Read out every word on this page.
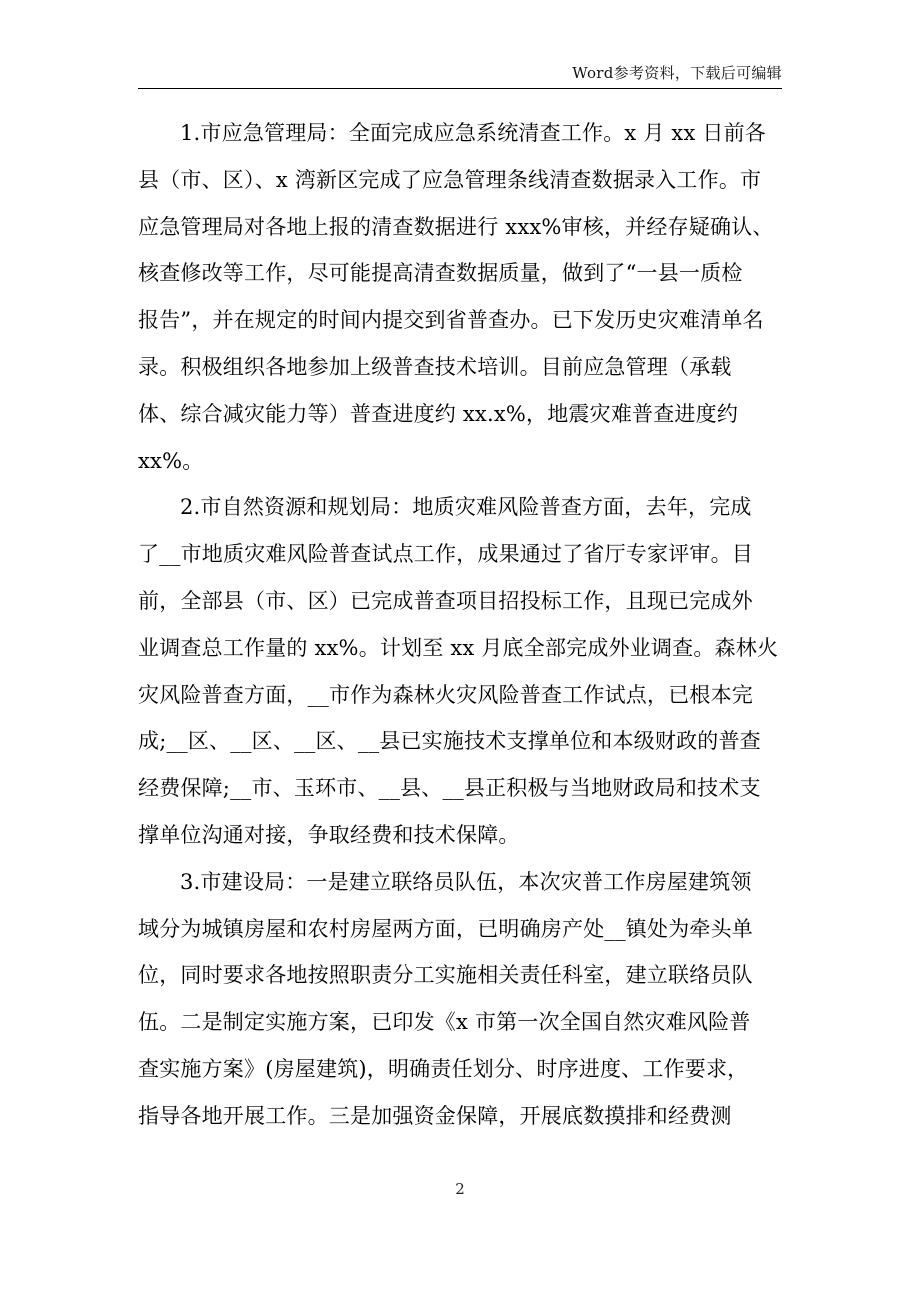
Word参考资料，下载后可编辑
1.市应急管理局：全面完成应急系统清查工作。x 月 xx 日前各
县（市、区）、x 湾新区完成了应急管理条线清查数据录入工作。市
应急管理局对各地上报的清查数据进行 xxx%审核，并经存疑确认、
核查修改等工作，尽可能提高清查数据质量，做到了“一县一质检
报告”，并在规定的时间内提交到省普查办。已下发历史灾难清单名
录。积极组织各地参加上级普查技术培训。目前应急管理（承载
体、综合减灾能力等）普查进度约 xx.x%，地震灾难普查进度约
xx%。
2.市自然资源和规划局：地质灾难风险普查方面，去年，完成
了__市地质灾难风险普查试点工作，成果通过了省厅专家评审。目
前，全部县（市、区）已完成普查项目招投标工作，且现已完成外
业调查总工作量的 xx%。计划至 xx 月底全部完成外业调查。森林火
灾风险普查方面，__市作为森林火灾风险普查工作试点，已根本完
成;__区、__区、__区、__县已实施技术支撑单位和本级财政的普查
经费保障;__市、玉环市、__县、__县正积极与当地财政局和技术支
撑单位沟通对接，争取经费和技术保障。
3.市建设局：一是建立联络员队伍，本次灾普工作房屋建筑领
域分为城镇房屋和农村房屋两方面，已明确房产处__镇处为牵头单
位，同时要求各地按照职责分工实施相关责任科室，建立联络员队
伍。二是制定实施方案，已印发《x 市第一次全国自然灾难风险普
查实施方案》(房屋建筑)，明确责任划分、时序进度、工作要求，
指导各地开展工作。三是加强资金保障，开展底数摸排和经费测
2
